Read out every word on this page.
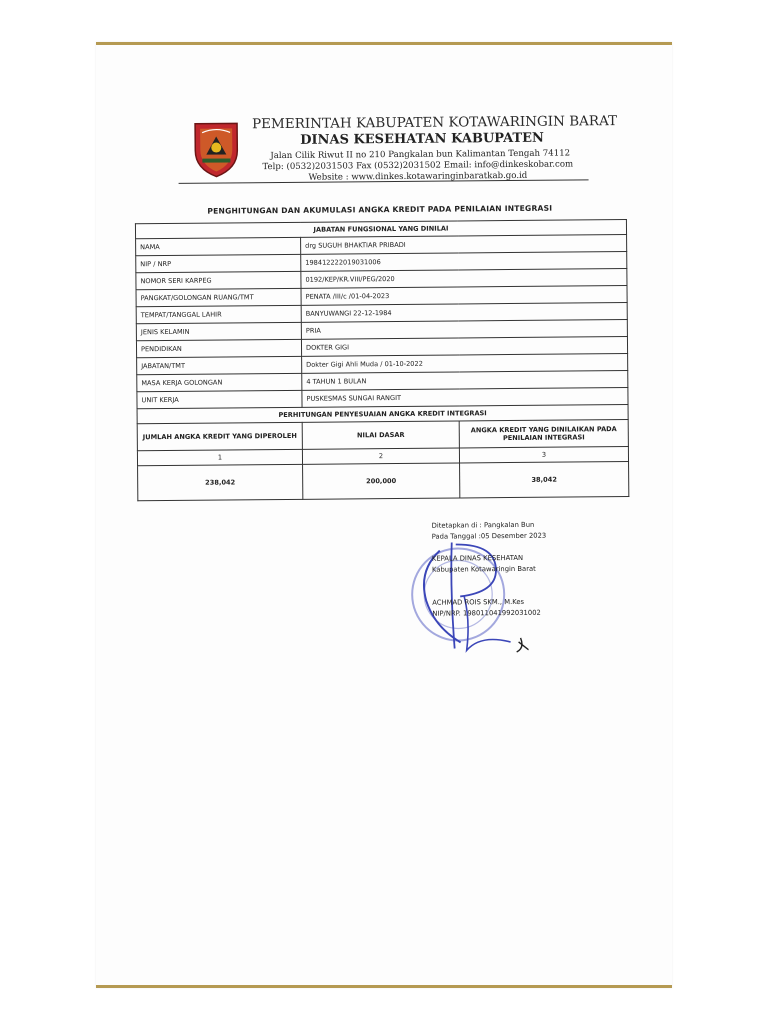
PEMERINTAH KABUPATEN KOTAWARINGIN BARAT
DINAS KESEHATAN KABUPATEN
Jalan Cilik Riwut II no 210 Pangkalan bun Kalimantan Tengah 74112
Telp: (0532)2031503 Fax (0532)2031502 Email: info@dinkeskobar.com
Website : www.dinkes.kotawaringinbaratkab.go.id
PENGHITUNGAN DAN AKUMULASI ANGKA KREDIT PADA PENILAIAN INTEGRASI
JABATAN FUNGSIONAL YANG DINILAI		
NAMA	drg SUGUH BHAKTIAR PRIBADI	
NIP / NRP	198412222019031006	
NOMOR SERI KARPEG	0192/KEP/KR.VIII/PEG/2020	
PANGKAT/GOLONGAN RUANG/TMT	PENATA /III/c /01-04-2023	
TEMPAT/TANGGAL LAHIR	BANYUWANGI 22-12-1984	
JENIS KELAMIN	PRIA	
PENDIDIKAN	DOKTER GIGI	
JABATAN/TMT	Dokter Gigi Ahli Muda / 01-10-2022	
MASA KERJA GOLONGAN	4 TAHUN 1 BULAN	
UNIT KERJA	PUSKESMAS SUNGAI RANGIT	
PERHITUNGAN PENYESUAIAN ANGKA KREDIT INTEGRASI		
JUMLAH ANGKA KREDIT YANG DIPEROLEH	NILAI DASAR	ANGKA KREDIT YANG DINILAIKAN PADA PENILAIAN INTEGRASI
1	2	3
238,042	200,000	38,042
Ditetapkan di : Pangkalan Bun
Pada Tanggal :05 Desember 2023
KEPALA DINAS KESEHATAN
Kabupaten Kotawaringin Barat
ACHMAD ROIS SKM., M.Kes
NIP/NRP. 198011041992031002
